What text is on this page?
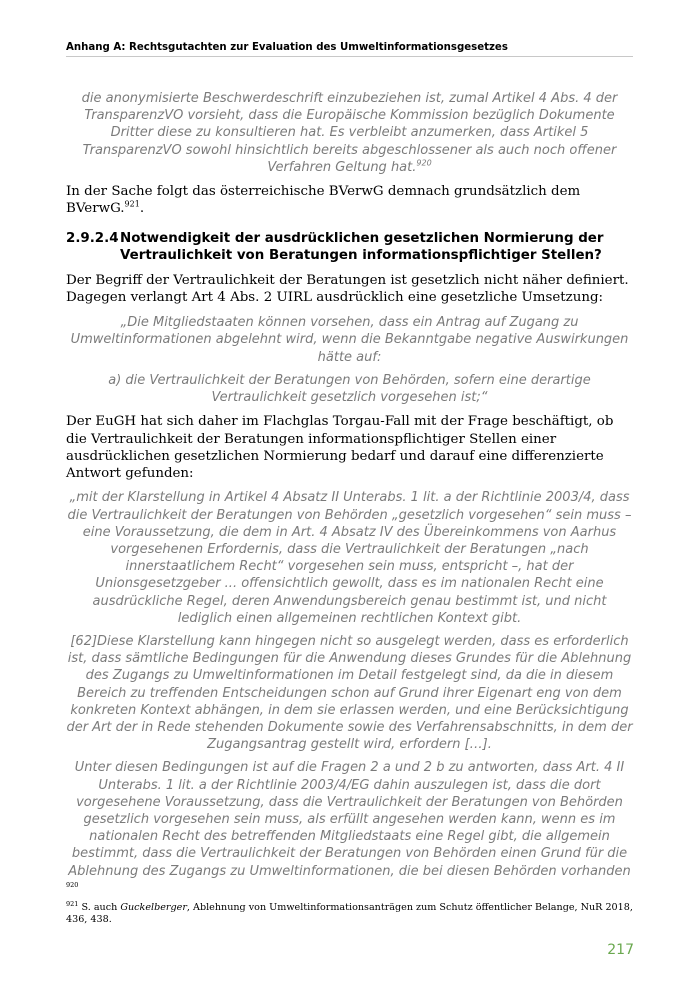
Anhang A: Rechtsgutachten zur Evaluation des Umweltinformationsgesetzes

die anonymisierte Beschwerdeschrift einzubeziehen ist, zumal Artikel 4 Abs. 4 der TransparenzVO vorsieht, dass die Europäische Kommission bezüglich Dokumente Dritter diese zu konsultieren hat. Es verbleibt anzumerken, dass Artikel 5 TransparenzVO sowohl hinsichtlich bereits abgeschlossener als auch noch offener Verfahren Geltung hat.$^{920}$

In der Sache folgt das österreichische BVerwG demnach grundsätzlich dem BVerwG.$^{921}$.

2.9.2.4 Notwendigkeit der ausdrücklichen gesetzlichen Normierung der Vertraulichkeit von Beratungen informationspflichtiger Stellen?

Der Begriff der Vertraulichkeit der Beratungen ist gesetzlich nicht näher definiert. Dagegen verlangt Art 4 Abs. 2 UIRL ausdrücklich eine gesetzliche Umsetzung:

„Die Mitgliedstaaten können vorsehen, dass ein Antrag auf Zugang zu Umweltinformationen abgelehnt wird, wenn die Bekanntgabe negative Auswirkungen hätte auf:

a) die Vertraulichkeit der Beratungen von Behörden, sofern eine derartige Vertraulichkeit gesetzlich vorgesehen ist;“

Der EuGH hat sich daher im Flachglas Torgau-Fall mit der Frage beschäftigt, ob die Vertraulichkeit der Beratungen informationspflichtiger Stellen einer ausdrücklichen gesetzlichen Normierung bedarf und darauf eine differenzierte Antwort gefunden:

„mit der Klarstellung in Artikel 4 Absatz II Unterabs. 1 lit. a der Richtlinie 2003/4, dass die Vertraulichkeit der Beratungen von Behörden „gesetzlich vorgesehen“ sein muss – eine Voraussetzung, die dem in Art. 4 Absatz IV des Übereinkommens von Aarhus vorgesehenen Erfordernis, dass die Vertraulichkeit der Beratungen „nach innerstaatlichem Recht“ vorgesehen sein muss, entspricht –, hat der Unionsgesetzgeber ... offensichtlich gewollt, dass es im nationalen Recht eine ausdrückliche Regel, deren Anwendungsbereich genau bestimmt ist, und nicht lediglich einen allgemeinen rechtlichen Kontext gibt.

[62]Diese Klarstellung kann hingegen nicht so ausgelegt werden, dass es erforderlich ist, dass sämtliche Bedingungen für die Anwendung dieses Grundes für die Ablehnung des Zugangs zu Umweltinformationen im Detail festgelegt sind, da die in diesem Bereich zu treffenden Entscheidungen schon auf Grund ihrer Eigenart eng von dem konkreten Kontext abhängen, in dem sie erlassen werden, und eine Berücksichtigung der Art der in Rede stehenden Dokumente sowie des Verfahrensabschnitts, in dem der Zugangsantrag gestellt wird, erfordern […].

Unter diesen Bedingungen ist auf die Fragen 2 a und 2 b zu antworten, dass Art. 4 II Unterabs. 1 lit. a der Richtlinie 2003/4/EG dahin auszulegen ist, dass die dort vorgesehene Voraussetzung, dass die Vertraulichkeit der Beratungen von Behörden gesetzlich vorgesehen sein muss, als erfüllt angesehen werden kann, wenn es im nationalen Recht des betreffenden Mitgliedstaats eine Regel gibt, die allgemein bestimmt, dass die Vertraulichkeit der Beratungen von Behörden einen Grund für die Ablehnung des Zugangs zu Umweltinformationen, die bei diesen Behörden vorhanden

$^{920}$
$^{921}$ S. auch Guckelberger, Ablehnung von Umweltinformationsanträgen zum Schutz öffentlicher Belange, NuR 2018, 436, 438.
217
